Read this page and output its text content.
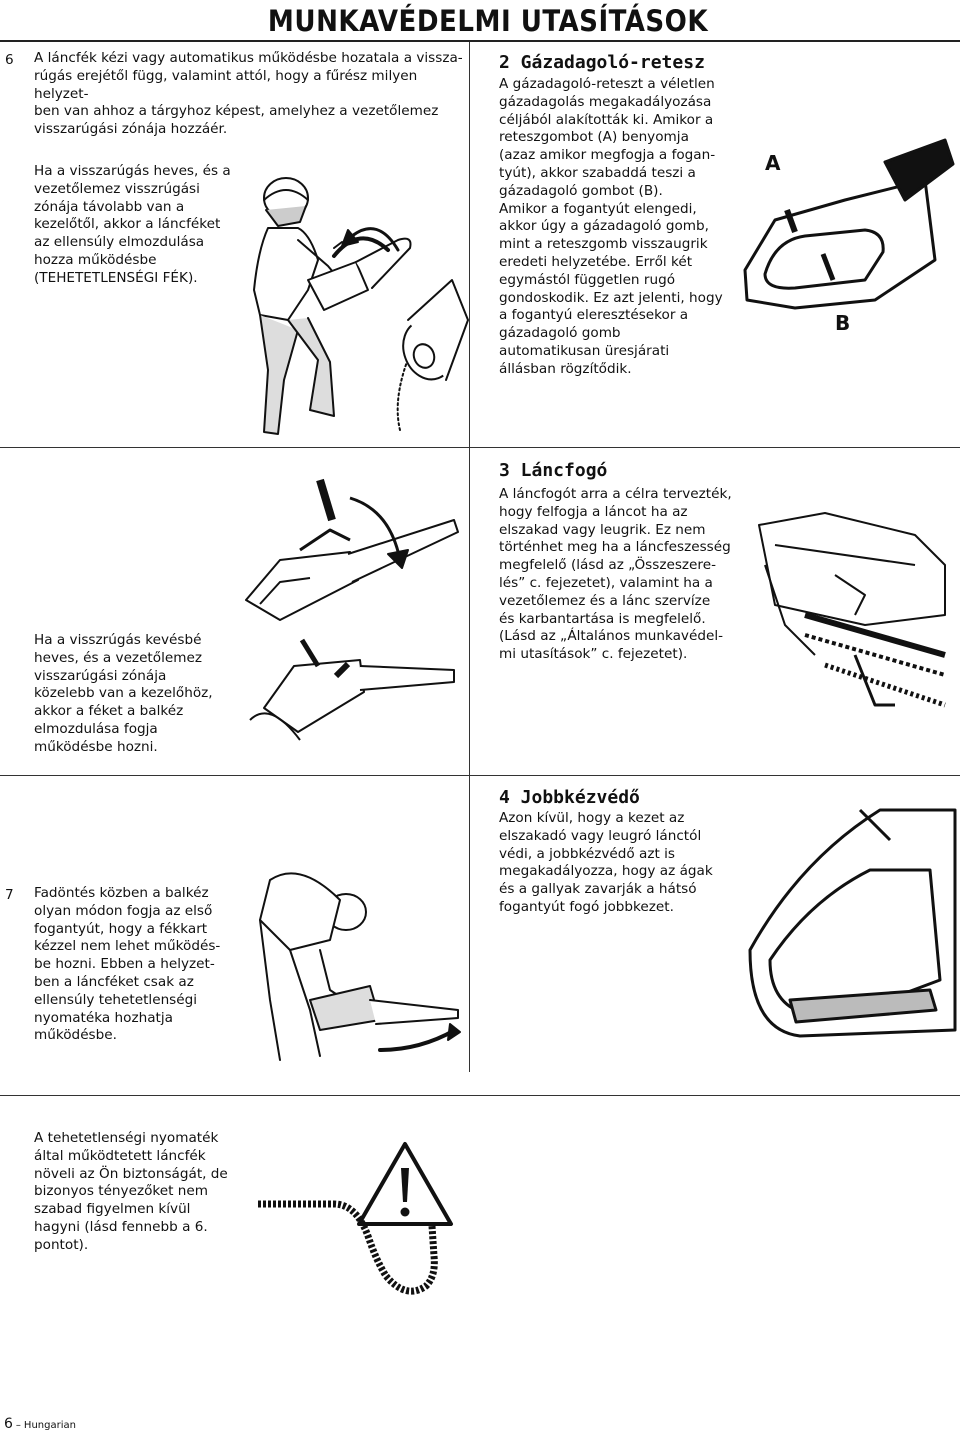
MUNKAVÉDELMI UTASÍTÁSOK
6 A láncfék kézi vagy automatikus működésbe hozatala a vissza-
rúgás erejétől függ, valamint attól, hogy a fűrész milyen helyzet-
ben van ahhoz a tárgyhoz képest, amelyhez a vezetőlemez
visszarúgási zónája hozzáér.
Ha a visszarúgás heves, és a
vezetőlemez visszrúgási
zónája távolabb van a
kezelőtől, akkor a láncféket
az ellensúly elmozdulása
hozza működésbe
(TEHETETLENSÉGI FÉK).
Ha a visszrúgás kevésbé
heves, és a vezetőlemez
visszarúgási zónája
közelebb van a kezelőhöz,
akkor a féket a balkéz
elmozdulása fogja
működésbe hozni.
7 Fadöntés közben a balkéz
olyan módon fogja az első
fogantyút, hogy a fékkart
kézzel nem lehet működés-
be hozni. Ebben a helyzet-
ben a láncféket csak az
ellensúly tehetetlenségi
nyomatéka hozhatja
működésbe.
A tehetetlenségi nyomaték
által működtetett láncfék
növeli az Ön biztonságát, de
bizonyos tényezőket nem
szabad figyelmen kívül
hagyni (lásd fennebb a 6.
pontot).
2 Gázadagoló-retesz
A gázadagoló-reteszt a véletlen
gázadagolás megakadályozása
céljából alakították ki. Amikor a
reteszgombot (A) benyomja
(azaz amikor megfogja a fogan-
tyút), akkor szabaddá teszi a
gázadagoló gombot (B).
Amikor a fogantyút elengedi,
akkor úgy a gázadagoló gomb,
mint a reteszgomb visszaugrik
eredeti helyzetébe. Erről két
egymástól független rugó
gondoskodik. Ez azt jelenti, hogy
a fogantyú eleresztésekor a
gázadagoló gomb
automatikusan üresjárati
állásban rögzítődik.
A
B
3 Láncfogó
A láncfogót arra a célra tervezték,
hogy felfogja a láncot ha az
elszakad vagy leugrik. Ez nem
történhet meg ha a láncfeszesség
megfelelő (lásd az „Összeszere-
lés” c. fejezetet), valamint ha a
vezetőlemez és a lánc szervíze
és karbantartása is megfelelő.
(Lásd az „Általános munkavédel-
mi utasítások” c. fejezetet).
4 Jobbkézvédő
Azon kívül, hogy a kezet az
elszakadó vagy leugró lánctól
védi, a jobbkézvédő azt is
megakadályozza, hogy az ágak
és a gallyak zavarják a hátsó
fogantyút fogó jobbkezet.
6 – Hungarian
